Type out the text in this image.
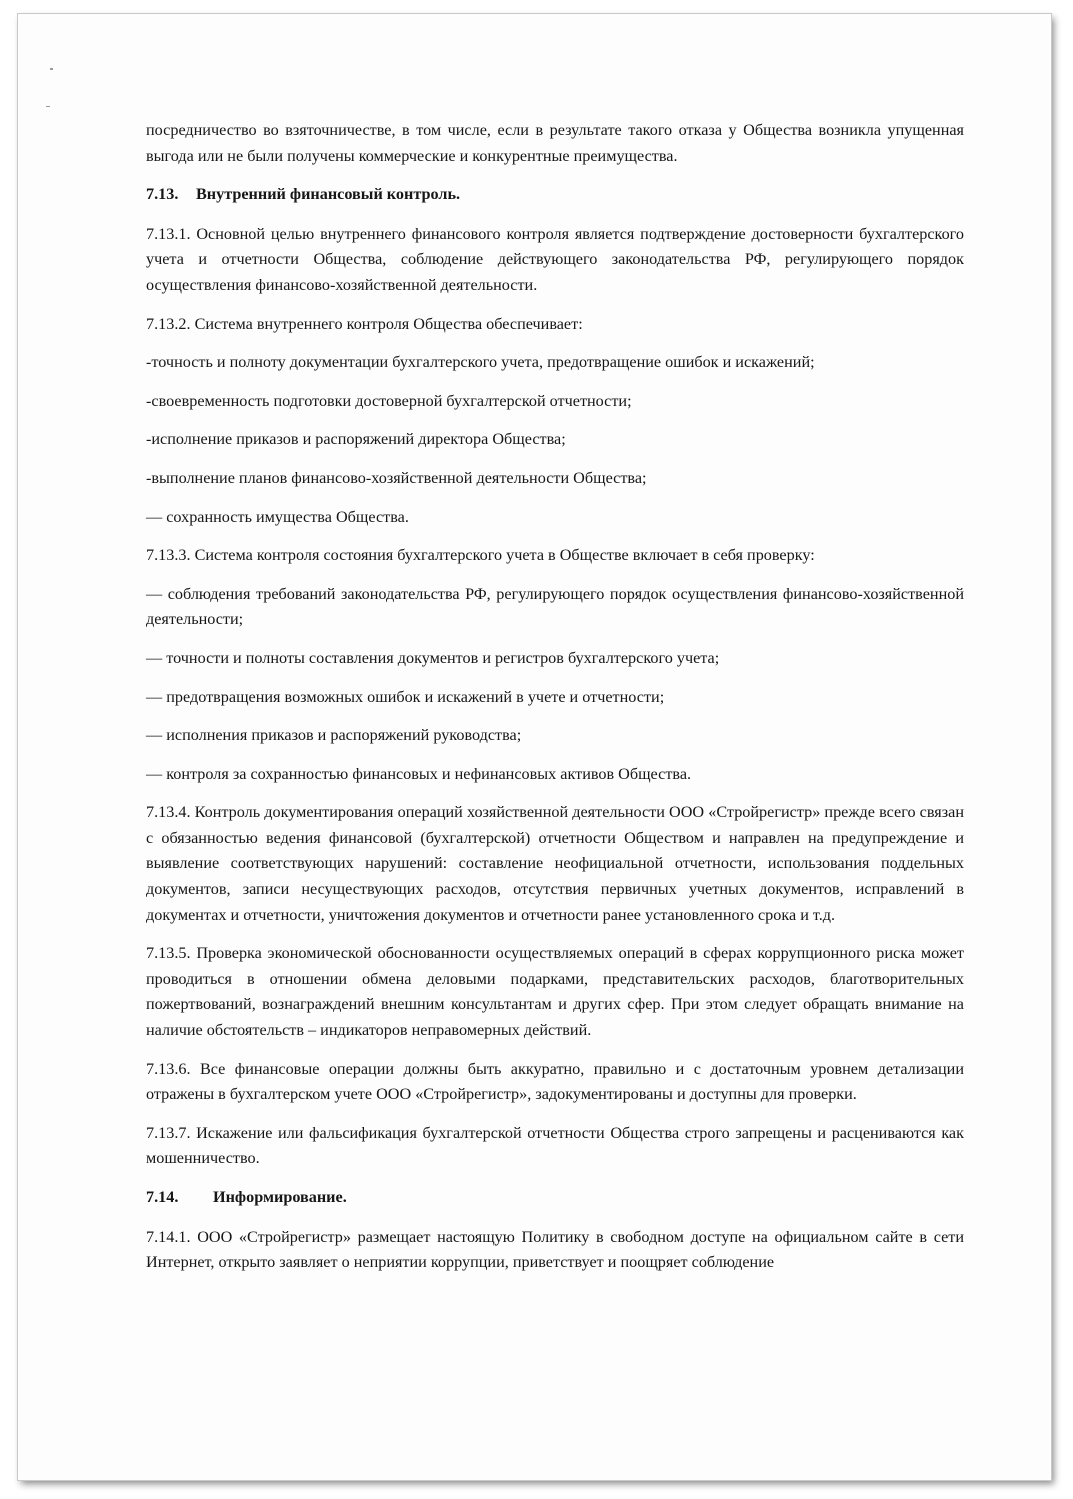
посредничество во взяточничестве, в том числе, если в результате такого отказа у Общества возникла упущенная выгода или не были получены коммерческие и конкурентные преимущества.

7.13. Внутренний финансовый контроль.

7.13.1. Основной целью внутреннего финансового контроля является подтверждение достоверности бухгалтерского учета и отчетности Общества, соблюдение действующего законодательства РФ, регулирующего порядок осуществления финансово-хозяйственной деятельности.

7.13.2. Система внутреннего контроля Общества обеспечивает:

-точность и полноту документации бухгалтерского учета, предотвращение ошибок и искажений;

-своевременность подготовки достоверной бухгалтерской отчетности;

-исполнение приказов и распоряжений директора Общества;

-выполнение планов финансово-хозяйственной деятельности Общества;

— сохранность имущества Общества.

7.13.3. Система контроля состояния бухгалтерского учета в Обществе включает в себя проверку:

— соблюдения требований законодательства РФ, регулирующего порядок осуществления финансово-хозяйственной деятельности;

— точности и полноты составления документов и регистров бухгалтерского учета;

— предотвращения возможных ошибок и искажений в учете и отчетности;

— исполнения приказов и распоряжений руководства;

— контроля за сохранностью финансовых и нефинансовых активов Общества.

7.13.4. Контроль документирования операций хозяйственной деятельности ООО «Стройрегистр» прежде всего связан с обязанностью ведения финансовой (бухгалтерской) отчетности Обществом и направлен на предупреждение и выявление соответствующих нарушений: составление неофициальной отчетности, использования поддельных документов, записи несуществующих расходов, отсутствия первичных учетных документов, исправлений в документах и отчетности, уничтожения документов и отчетности ранее установленного срока и т.д.

7.13.5. Проверка экономической обоснованности осуществляемых операций в сферах коррупционного риска может проводиться в отношении обмена деловыми подарками, представительских расходов, благотворительных пожертвований, вознаграждений внешним консультантам и других сфер. При этом следует обращать внимание на наличие обстоятельств – индикаторов неправомерных действий.

7.13.6. Все финансовые операции должны быть аккуратно, правильно и с достаточным уровнем детализации отражены в бухгалтерском учете ООО «Стройрегистр», задокументированы и доступны для проверки.

7.13.7. Искажение или фальсификация бухгалтерской отчетности Общества строго запрещены и расцениваются как мошенничество.

7.14. Информирование.

7.14.1. ООО «Стройрегистр» размещает настоящую Политику в свободном доступе на официальном сайте в сети Интернет, открыто заявляет о неприятии коррупции, приветствует и поощряет соблюдение
